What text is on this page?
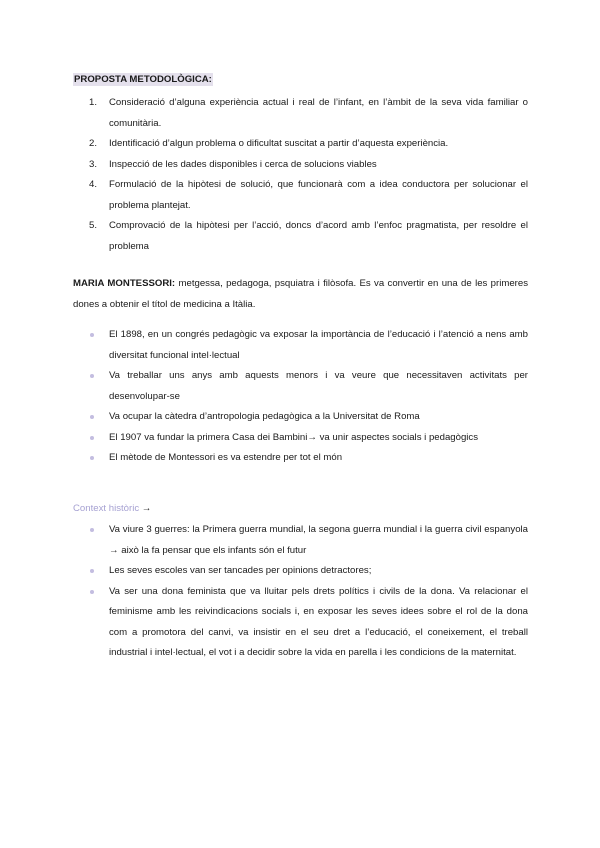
PROPOSTA METODOLÒGICA:
1. Consideració d’alguna experiència actual i real de l’infant, en l’àmbit de la seva vida familiar o comunitària.
2. Identificació d’algun problema o dificultat suscitat a partir d’aquesta experiència.
3. Inspecció de les dades disponibles i cerca de solucions viables
4. Formulació de la hipòtesi de solució, que funcionarà com a idea conductora per solucionar el problema plantejat.
5. Comprovació de la hipòtesi per l’acció, doncs d’acord amb l’enfoc pragmatista, per resoldre el problema
MARIA MONTESSORI: metgessa, pedagoga, psquiatra i filòsofa. Es va convertir en una de les primeres dones a obtenir el títol de medicina a Itàlia.
El 1898, en un congrés pedagògic va exposar la importància de l’educació i l’atenció a nens amb diversitat funcional intel·lectual
Va treballar uns anys amb aquests menors i va veure que necessitaven activitats per desenvolupar-se
Va ocupar la càtedra d’antropologia pedagògica a la Universitat de Roma
El 1907 va fundar la primera Casa dei Bambini→ va unir aspectes socials i pedagògics
El mètode de Montessori es va estendre per tot el món
Context històric →
Va viure 3 guerres: la Primera guerra mundial, la segona guerra mundial i la guerra civil espanyola → això la fa pensar que els infants són el futur
Les seves escoles van ser tancades per opinions detractores;
Va ser una dona feminista que va lluitar pels drets polítics i civils de la dona. Va relacionar el feminisme amb les reivindicacions socials i, en exposar les seves idees sobre el rol de la dona com a promotora del canvi, va insistir en el seu dret a l’educació, el coneixement, el treball industrial i intel·lectual, el vot i a decidir sobre la vida en parella i les condicions de la maternitat.
